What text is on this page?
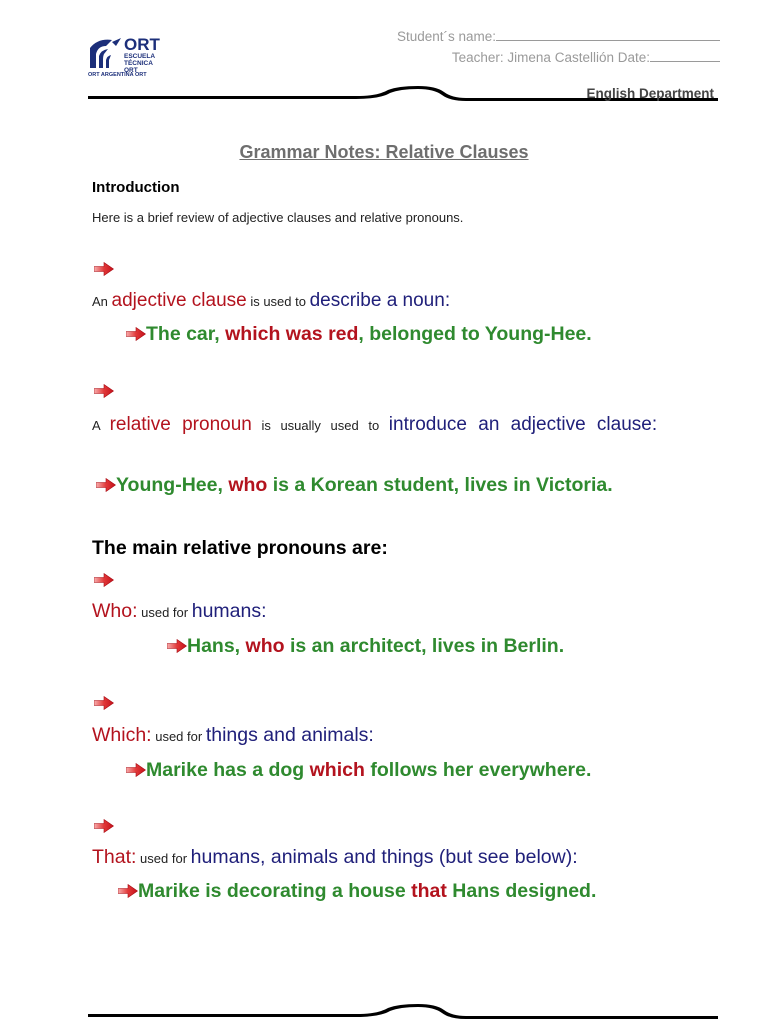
ORT
ESCUELA
TÉCNICA ORT
ORT ARGENTINA ORT
Student´s name:
Teacher: Jimena Castellión Date:
English Department
Grammar Notes: Relative Clauses
Introduction
Here is a brief review of adjective clauses and relative pronouns.
An adjective clause is used to describe a noun:
The car, which was red, belonged to Young-Hee.
A relative pronoun is usually used to introduce an adjective clause:
Young-Hee, who is a Korean student, lives in Victoria.
The main relative pronouns are:
Who: used for humans:
Hans, who is an architect, lives in Berlin.
Which: used for things and animals:
Marike has a dog which follows her everywhere.
That: used for humans, animals and things (but see below):
Marike is decorating a house that Hans designed.
